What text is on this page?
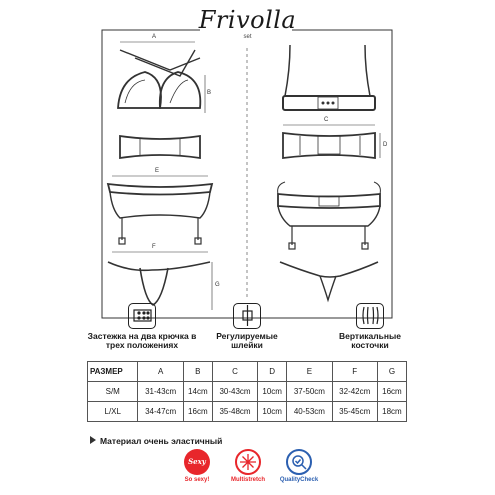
Frivolla
set
A
B
C
D
E
F
G
Застежка на два крючка в трех положениях
Регулируемые шлейки
Вертикальные косточки
РАЗМЕР	A	B	C	D	E	F	G
S/M	31-43cm	14cm	30-43cm	10cm	37-50cm	32-42cm	16cm
L/XL	34-47cm	16cm	35-48cm	10cm	40-53cm	35-45cm	18cm
Материал очень эластичный
Sexy
So sexy!	Multistretch	QualityCheck
